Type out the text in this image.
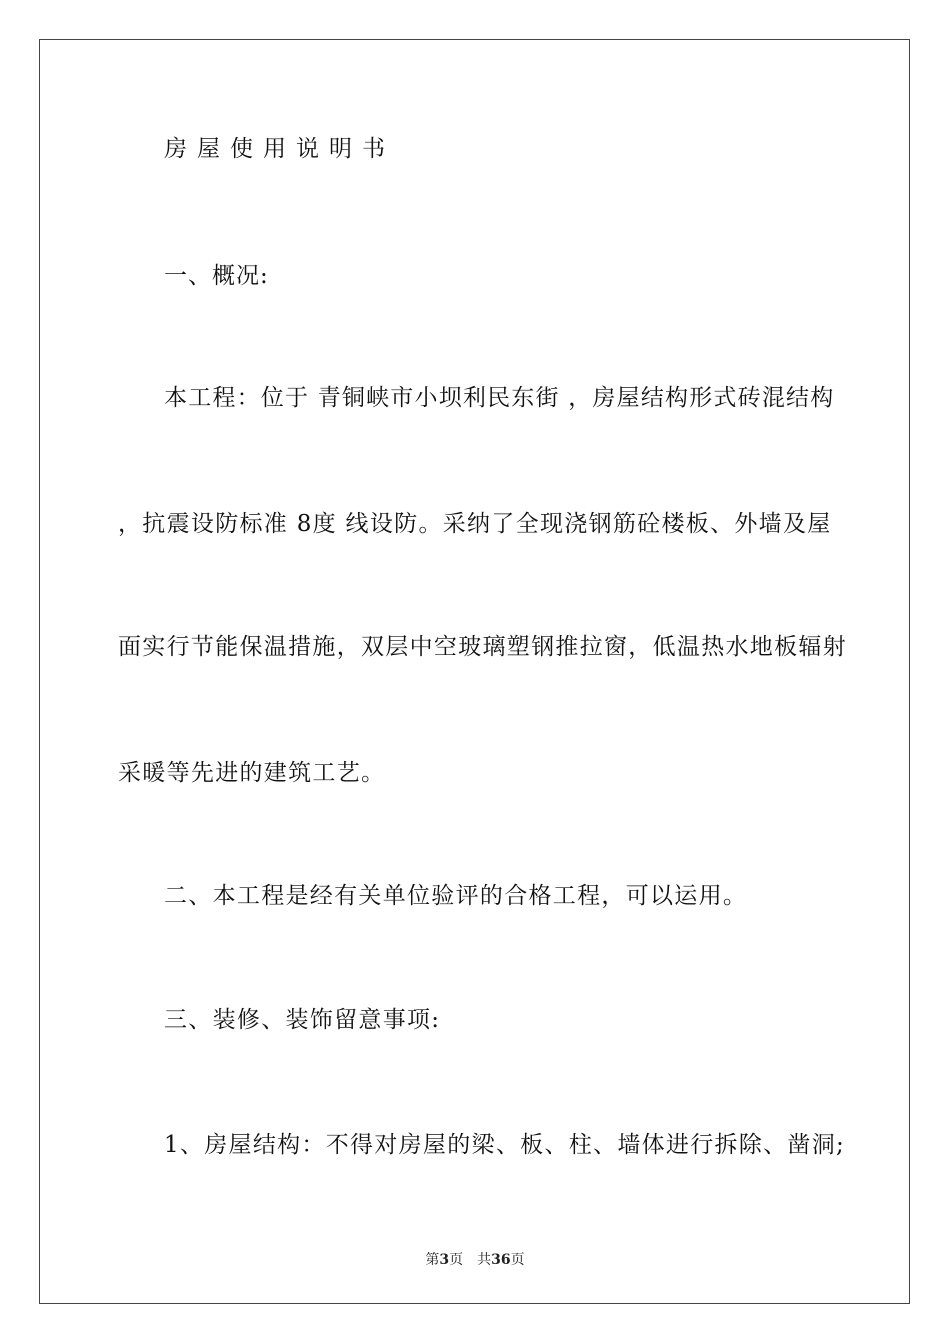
房屋使用说明书
一、概况:
本工程：位于 青铜峡市小坝利民东街 ，房屋结构形式砖混结构
，抗震设防标准 8度 线设防。采纳了全现浇钢筋砼楼板、外墙及屋
面实行节能保温措施，双层中空玻璃塑钢推拉窗，低温热水地板辐射
采暖等先进的建筑工艺。
二、本工程是经有关单位验评的合格工程，可以运用。
三、装修、装饰留意事项:
1、房屋结构：不得对房屋的梁、板、柱、墙体进行拆除、凿洞;
第3页 共36页
